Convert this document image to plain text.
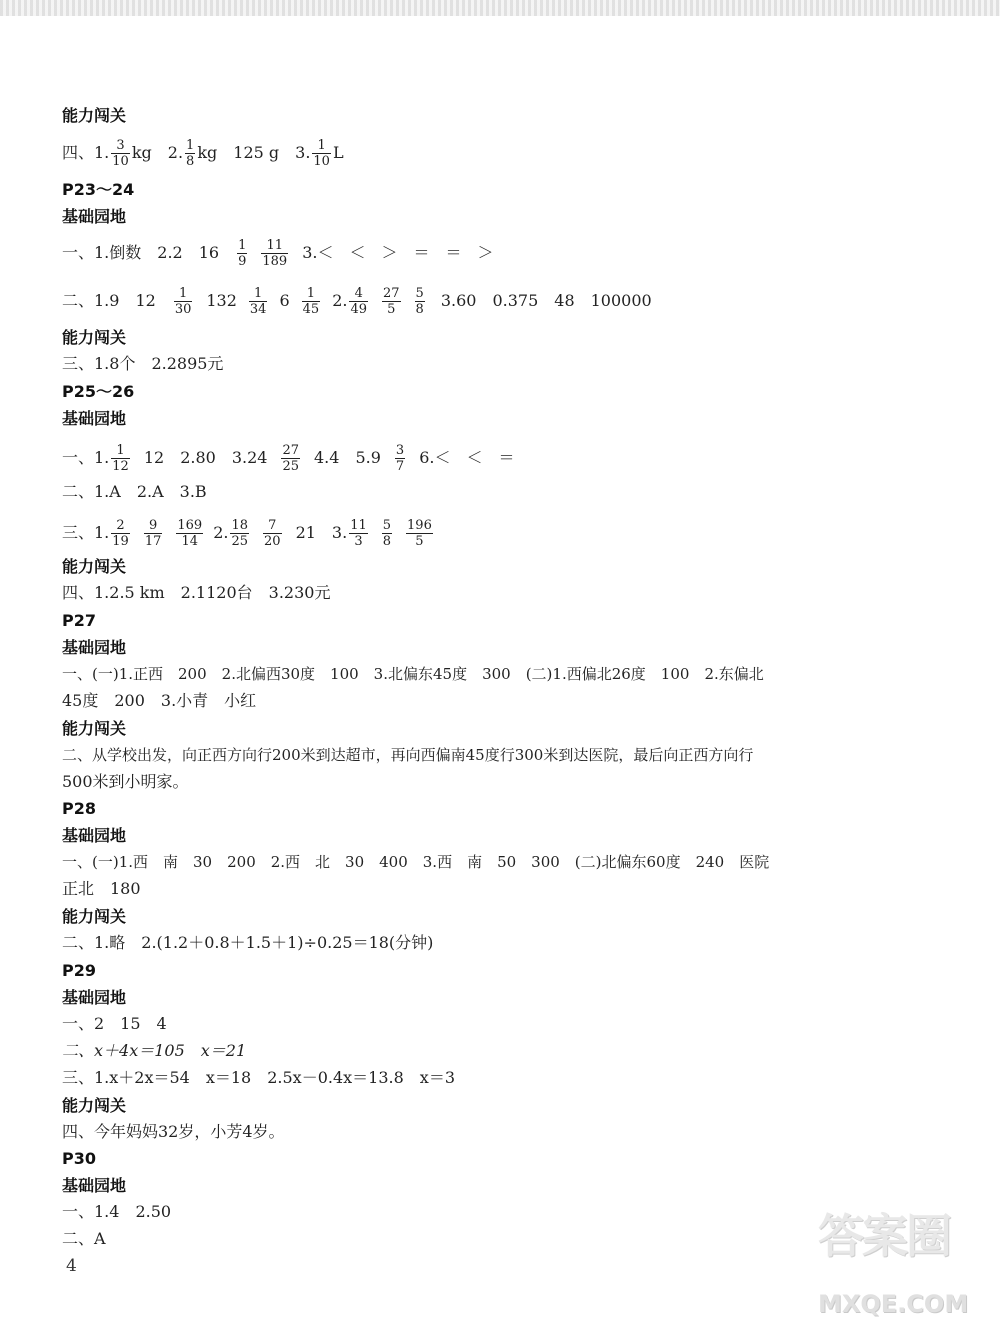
能力闯关
四、1. $\frac{3}{10}$ kg　2. $\frac{1}{8}$ kg　125 g　3. $\frac{1}{10}$ L
P23～24
基础园地
一、1.倒数　2.2　16　 $\frac{1}{9} \frac{11}{189} 3.<$　＜　＞　＝　＝　＞
二、1.9　12　 $\frac{1}{30} 132 \frac{1}{34} 6 \frac{1}{45} 2$. $\frac{4}{49} \frac{27}{5} \frac{5}{8} 3.60$　0.375　48　100000
能力闯关
三、1.8个　2.2895元
P25～26
基础园地
一、1. $\frac{1}{12} 12$　2.80　$3.24 \frac{27}{25} 4.4$　$5.9 \frac{3}{7} 6.<$　＜　＝
二、1.A　2.A　3.B
三、1. $\frac{2}{19} \frac{9}{17} \frac{169}{14} 2$. $\frac{18}{25} \frac{7}{20} 21$　3. $\frac{11}{3} \frac{5}{8} \frac{196}{5}$
能力闯关
四、1.2.5 km　2.1120台　3.230元
P27
基础园地
一、(一)1.正西　200　2.北偏西30度　100　3.北偏东45度　300　(二)1.西偏北26度　100　2.东偏北
45度　200　3.小青　小红
能力闯关
二、从学校出发，向正西方向行200米到达超市，再向西偏南45度行300米到达医院，最后向正西方向行
500米到小明家。
P28
基础园地
一、(一)1.西　南　30　200　2.西　北　30　400　3.西　南　50　300　(二)北偏东60度　240　医院
正北　180
能力闯关
二、1.略　2.(1.2＋0.8＋1.5＋1)÷0.25＝18(分钟)
P29
基础园地
一、2　15　4
二、x＋4x＝105　x＝21
三、1.x＋2x＝54　x＝18　2.5x－0.4x＝13.8　x＝3
能力闯关
四、今年妈妈32岁，小芳4岁。
P30
基础园地
一、1.4　2.50
二、A
4
答案圈
MXQE.COM
